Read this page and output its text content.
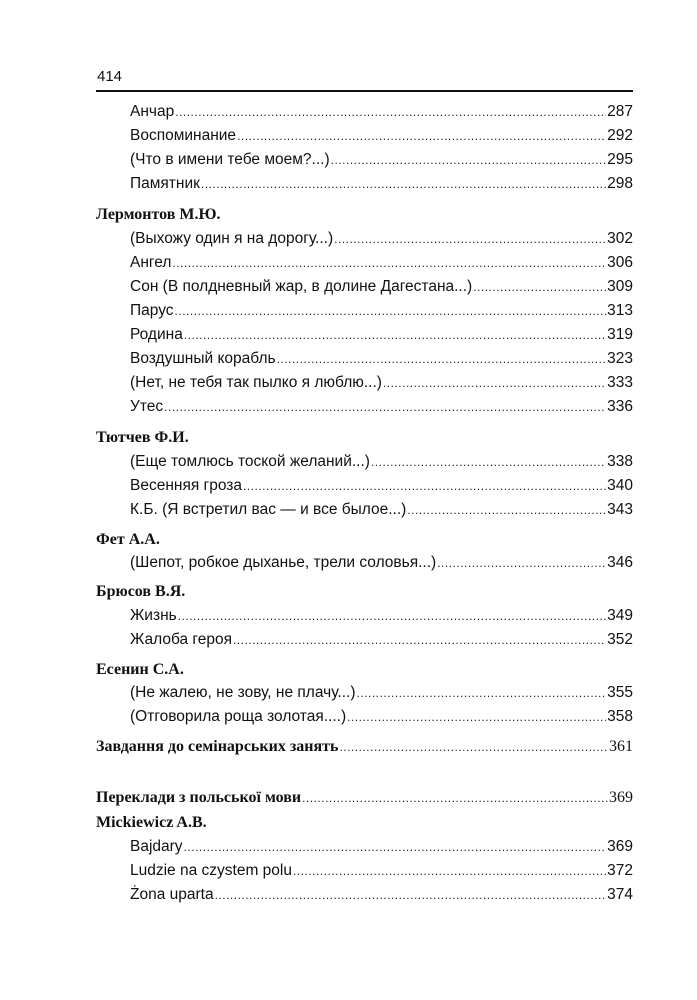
414
Анчар .....	287
Воспоминание .....	292
(Что в имени тебе моем?...) .....	295
Памятник .....	298
Лермонтов М.Ю.
(Выхожу один я на дорогу...) .....	302
Ангел .....	306
Сон (В полдневный жар, в долине Дагестана...) .....	309
Парус .....	313
Родина .....	319
Воздушный корабль .....	323
(Нет, не тебя так пылко я люблю...) .....	333
Утес .....	336
Тютчев Ф.И.
(Еще томлюсь тоской желаний...) .....	338
Весенняя гроза .....	340
К.Б. (Я встретил вас — и все былое...) .....	343
Фет А.А.
(Шепот, робкое дыханье, трели соловья...) .....	346
Брюсов В.Я.
Жизнь .....	349
Жалоба героя .....	352
Есенин С.А.
(Не жалею, не зову, не плачу...) .....	355
(Отговорила роща золотая....) .....	358
Завдання до семінарських занять .....	361
Переклади з польської мови .....	369
Mickiewicz A.B.
Bajdary .....	369
Ludzie na czystem polu .....	372
Żona uparta .....	374
